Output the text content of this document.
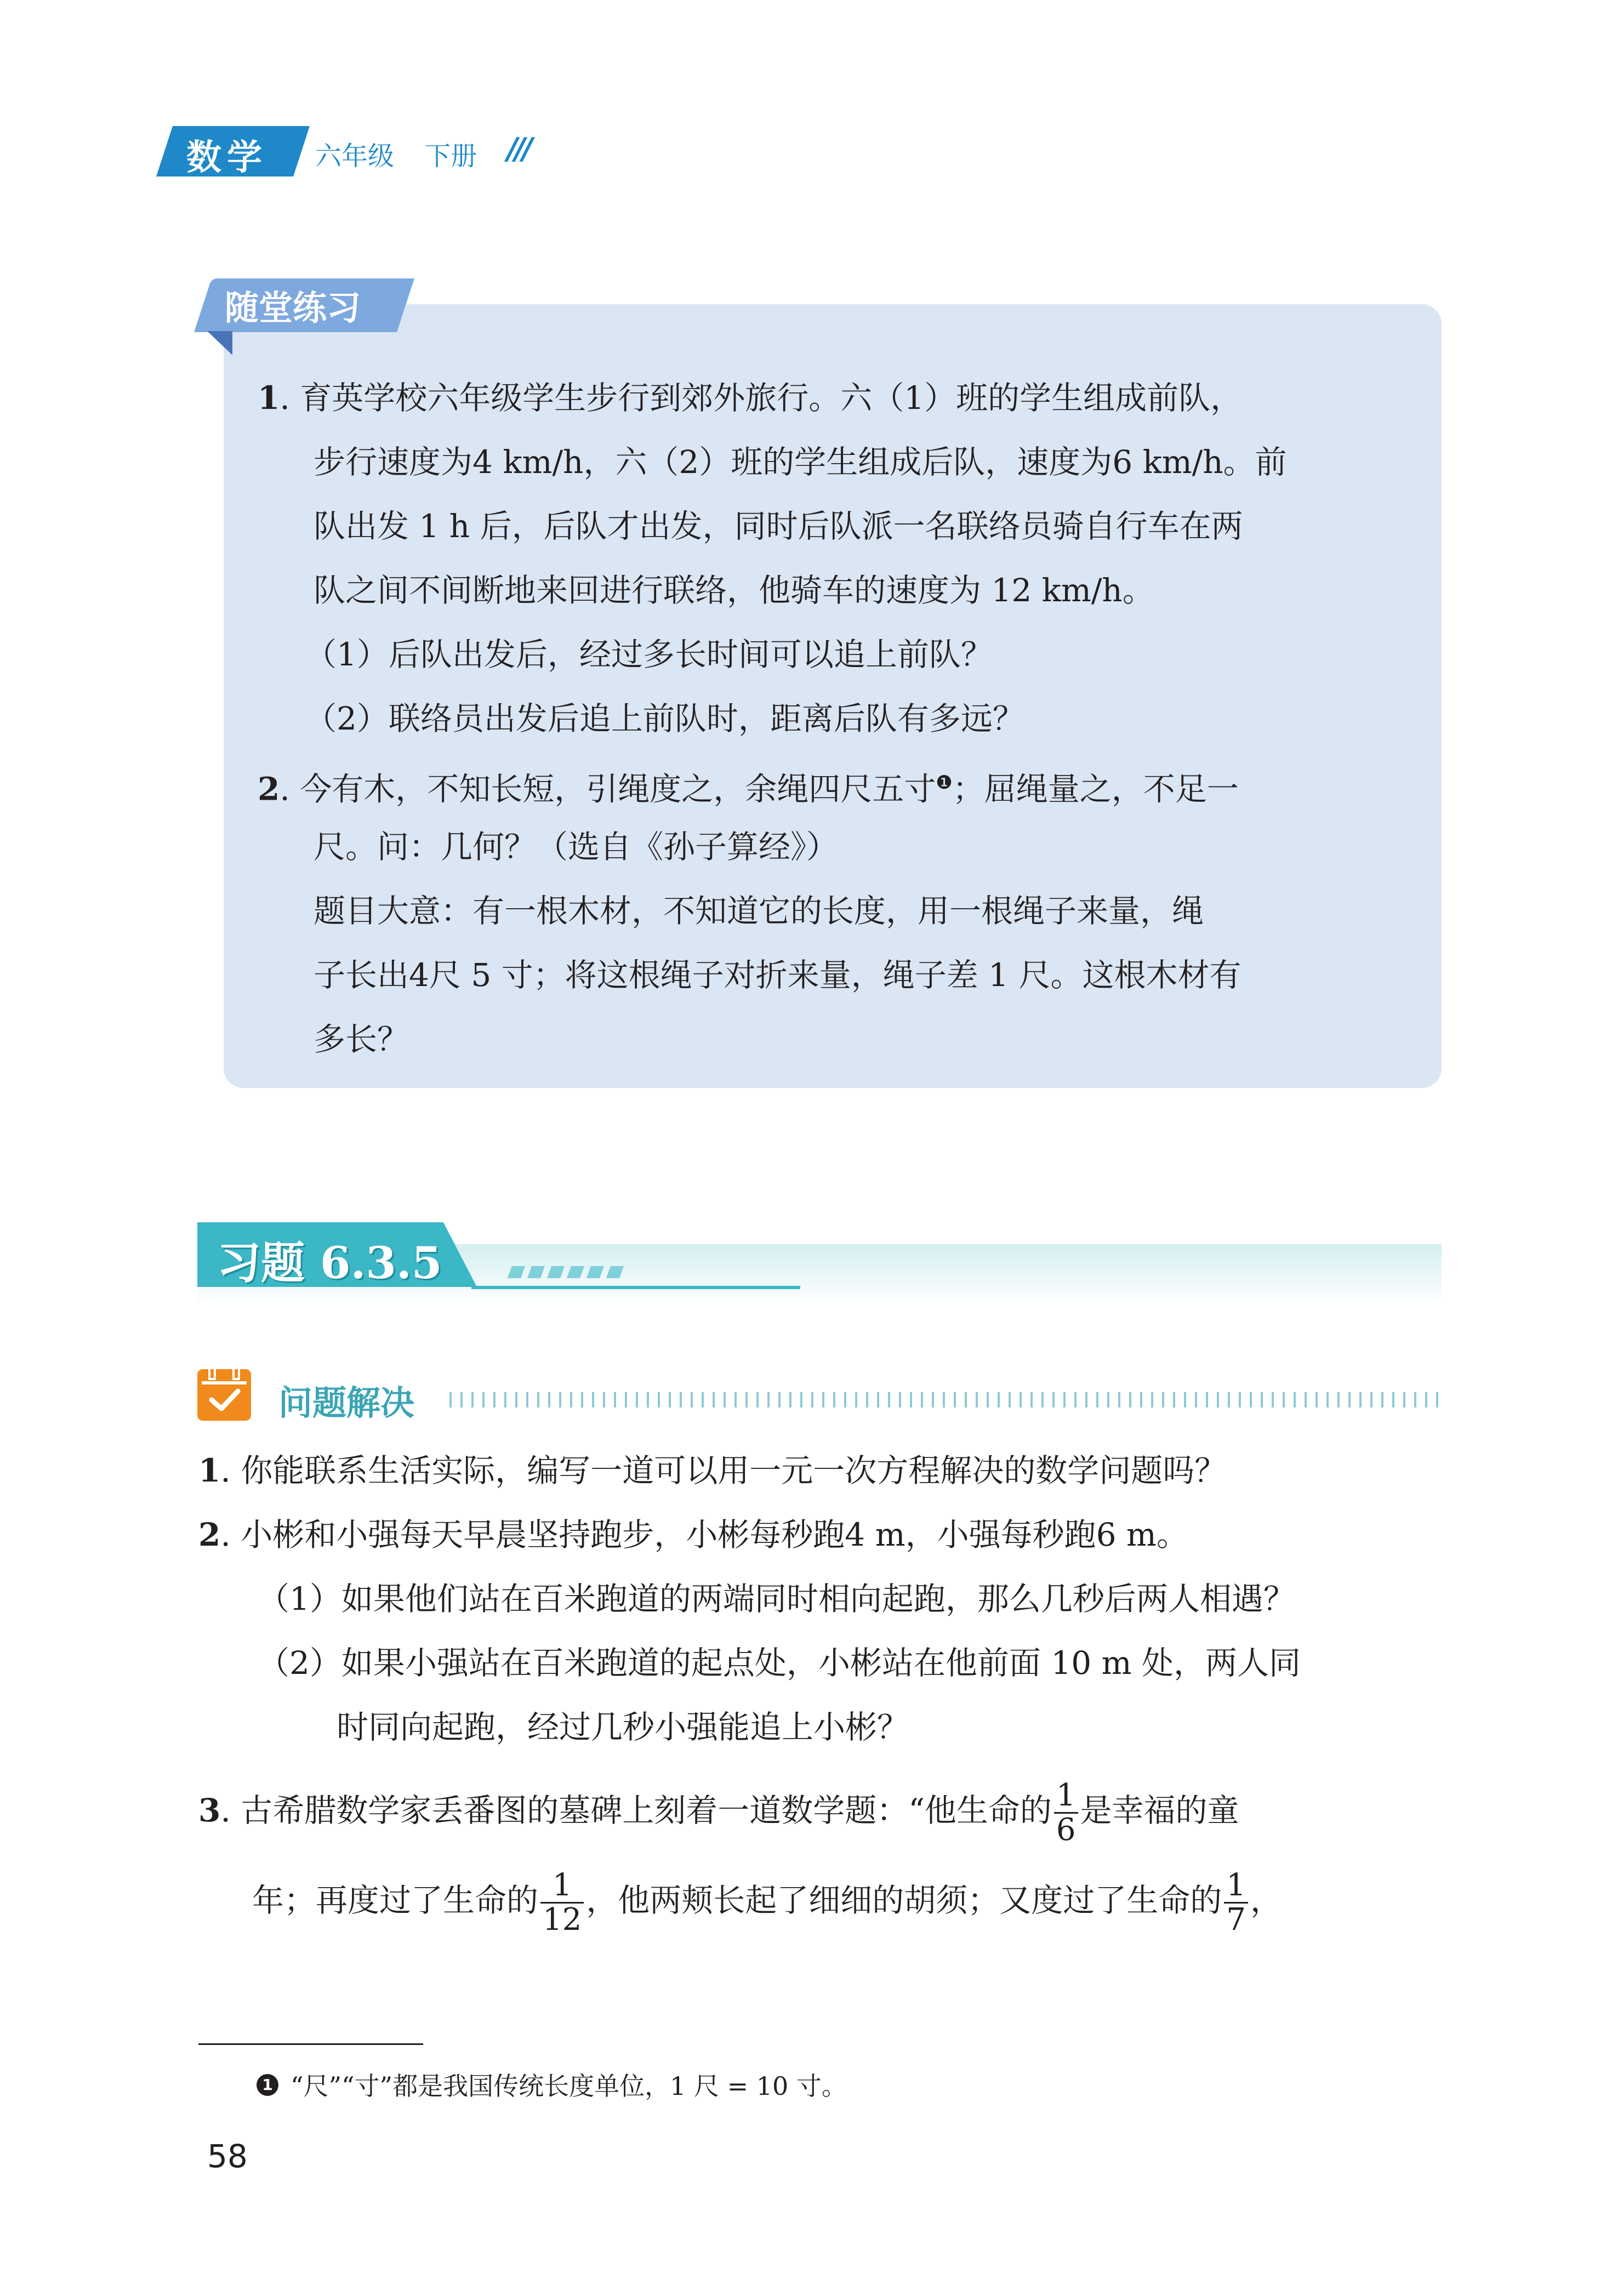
数学 六年级 下册 ///
随堂练习
1. 育英学校六年级学生步行到郊外旅行。六（1）班的学生组成前队，
步行速度为4 km/h，六（2）班的学生组成后队，速度为6 km/h。前
队出发 1 h 后，后队才出发，同时后队派一名联络员骑自行车在两
队之间不间断地来回进行联络，他骑车的速度为 12 km/h。
（1）后队出发后，经过多长时间可以追上前队？
（2）联络员出发后追上前队时，距离后队有多远？
2. 今有木，不知长短，引绳度之，余绳四尺五寸$^❶$；屈绳量之，不足一
尺。问：几何？（选自《孙子算经》）
题目大意：有一根木材，不知道它的长度，用一根绳子来量，绳
子长出4尺 5 寸；将这根绳子对折来量，绳子差 1 尺。这根木材有
多长？
习题 6.3.5
问题解决
1. 你能联系生活实际，编写一道可以用一元一次方程解决的数学问题吗？
2. 小彬和小强每天早晨坚持跑步，小彬每秒跑4 m，小强每秒跑6 m。
（1）如果他们站在百米跑道的两端同时相向起跑，那么几秒后两人相遇？
（2）如果小强站在百米跑道的起点处，小彬站在他前面 10 m 处，两人同
时同向起跑，经过几秒小强能追上小彬？
3. 古希腊数学家丢番图的墓碑上刻着一道数学题：“他生命的 $\frac{1}{6}$ 是幸福的童
年；再度过了生命的 $\frac{1}{12}$ ，他两颊长起了细细的胡须；又度过了生命的 $\frac{1}{7}$ ，
1 “尺”“寸”都是我国传统长度单位，1 尺 = 10 寸。
58
